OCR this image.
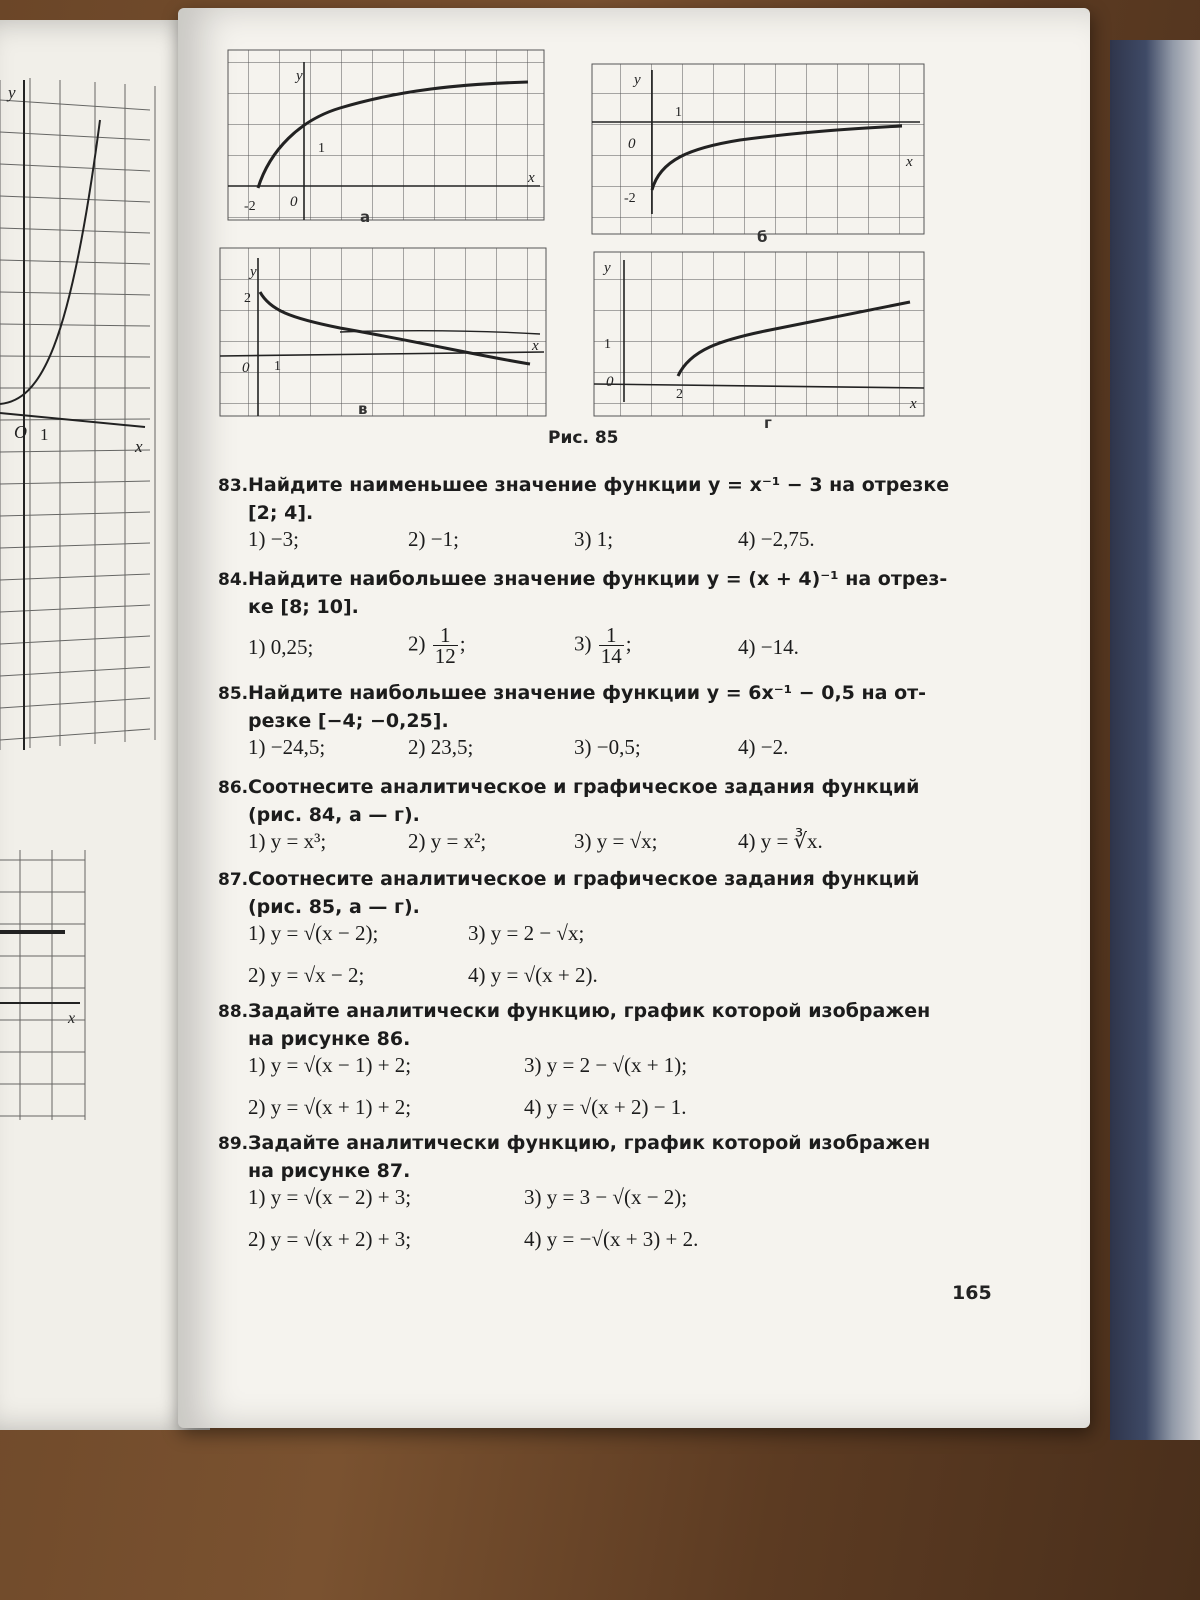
O 1
x
y
x
-2 0
1
x
y
0
1
-2
x
y
2
0 1
x
y
1
0
2
x
y
а
б
в
г
Рис. 85
83.Найдите наименьшее значение функции y = x⁻¹ − 3 на отрезке
[2; 4].
1) −3;	2) −1;	3) 1;	4) −2,75.
84.Найдите наибольшее значение функции y = (x + 4)⁻¹ на отрез-
ке [8; 10].
1) 0,25;	$2) \frac{1}{12}$ ;	$3) \frac{1}{14}$ ;	4) −14.
85.Найдите наибольшее значение функции y = 6x⁻¹ − 0,5 на от-
резке [−4; −0,25].
1) −24,5;	2) 23,5;	3) −0,5;	4) −2.
86.Соотнесите аналитическое и графическое задания функций
(рис. 84, а — г).
1) y = x³;	2) y = x²;	3) y = √x;	4) y = ∛x.
87.Соотнесите аналитическое и графическое задания функций
(рис. 85, а — г).
1) y = √(x − 2);	3) y = 2 − √x;
2) y = √x − 2;	4) y = √(x + 2).
88.Задайте аналитически функцию, график которой изображен
на рисунке 86.
1) y = √(x − 1) + 2;	3) y = 2 − √(x + 1);
2) y = √(x + 1) + 2;	4) y = √(x + 2) − 1.
89.Задайте аналитически функцию, график которой изображен
на рисунке 87.
1) y = √(x − 2) + 3;	3) y = 3 − √(x − 2);
2) y = √(x + 2) + 3;	4) y = −√(x + 3) + 2.
165
